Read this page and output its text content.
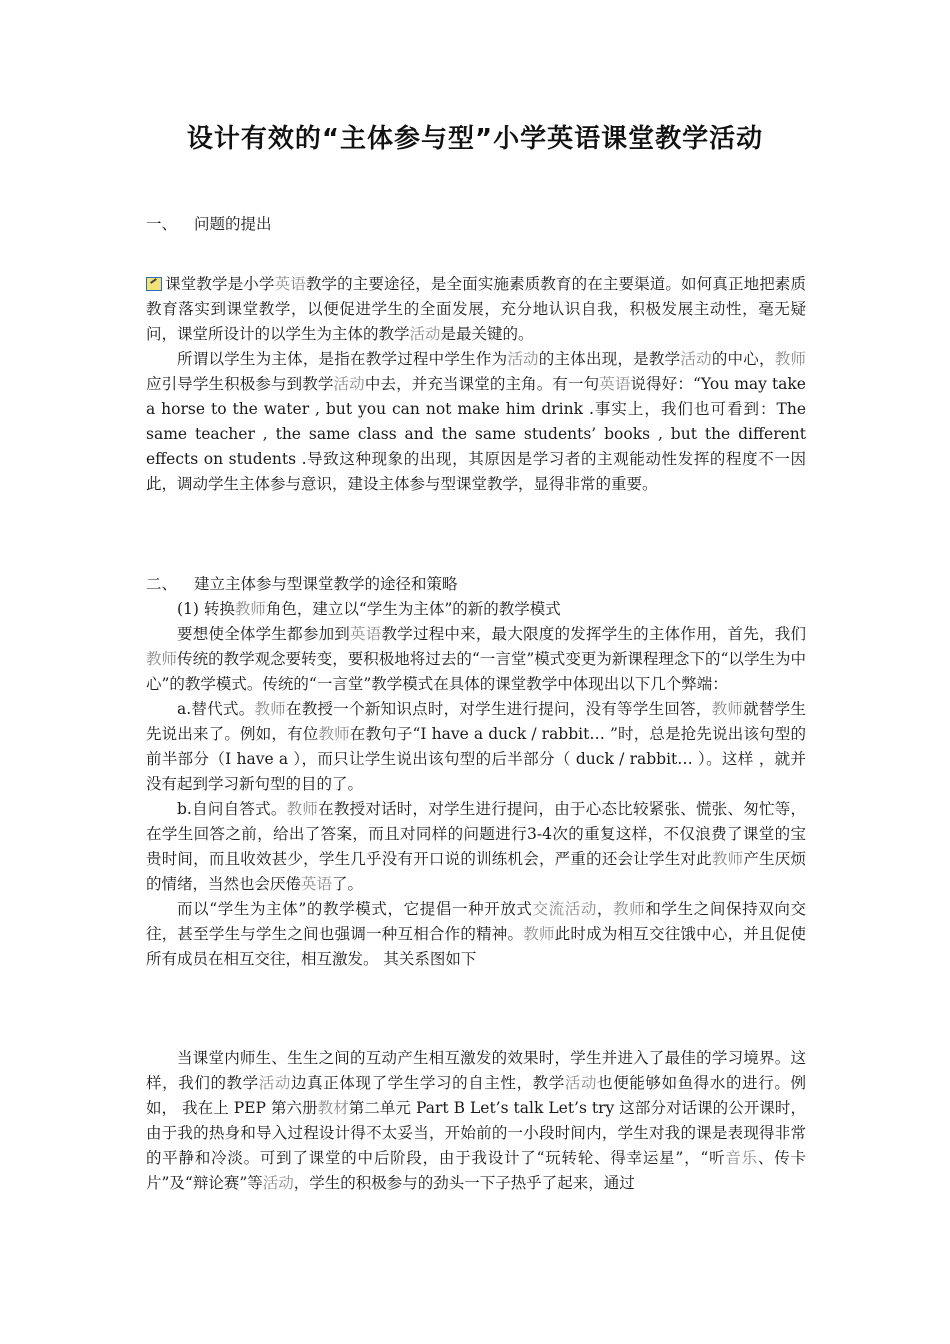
设计有效的“主体参与型”小学英语课堂教学活动
一、 问题的提出

课堂教学是小学英语教学的主要途径，是全面实施素质教育的在主要渠道。如何真正地把素质教育落实到课堂教学，以便促进学生的全面发展，充分地认识自我，积极发展主动性，毫无疑问，课堂所设计的以学生为主体的教学活动是最关键的。

所谓以学生为主体，是指在教学过程中学生作为活动的主体出现，是教学活动的中心，教师应引导学生积极参与到教学活动中去，并充当课堂的主角。有一句英语说得好：“You may take a horse to the water , but you can not make him drink .事实上，我们也可看到：The same teacher , the same class and the same students’ books , but the different effects on students .导致这种现象的出现，其原因是学习者的主观能动性发挥的程度不一因此，调动学生主体参与意识，建设主体参与型课堂教学，显得非常的重要。

二、 建立主体参与型课堂教学的途径和策略

(1) 转换教师角色，建立以“学生为主体”的新的教学模式

要想使全体学生都参加到英语教学过程中来，最大限度的发挥学生的主体作用，首先，我们教师传统的教学观念要转变，要积极地将过去的“一言堂”模式变更为新课程理念下的“以学生为中心”的教学模式。传统的“一言堂”教学模式在具体的课堂教学中体现出以下几个弊端：

a.替代式。教师在教授一个新知识点时，对学生进行提问，没有等学生回答，教师就替学生先说出来了。例如，有位教师在教句子“I have a duck / rabbit… ”时，总是抢先说出该句型的前半部分（I have a ），而只让学生说出该句型的后半部分（ duck / rabbit… ）。这样 ，就并没有起到学习新句型的目的了。

b.自问自答式。教师在教授对话时，对学生进行提问，由于心态比较紧张、慌张、匆忙等，在学生回答之前，给出了答案，而且对同样的问题进行3-4次的重复这样，不仅浪费了课堂的宝贵时间，而且收效甚少，学生几乎没有开口说的训练机会，严重的还会让学生对此教师产生厌烦的情绪，当然也会厌倦英语了。

而以“学生为主体”的教学模式，它提倡一种开放式交流活动，教师和学生之间保持双向交往，甚至学生与学生之间也强调一种互相合作的精神。教师此时成为相互交往饿中心，并且促使所有成员在相互交往，相互激发。 其关系图如下

当课堂内师生、生生之间的互动产生相互激发的效果时，学生并进入了最佳的学习境界。这样，我们的教学活动边真正体现了学生学习的自主性，教学活动也便能够如鱼得水的进行。例如， 我在上 PEP 第六册教材第二单元 Part B Let’s talk Let’s try 这部分对话课的公开课时，由于我的热身和导入过程设计得不太妥当，开始前的一小段时间内，学生对我的课是表现得非常的平静和冷淡。可到了课堂的中后阶段，由于我设计了“玩转轮、得幸运星”，“听音乐、传卡片”及“辩论赛”等活动，学生的积极参与的劲头一下子热乎了起来，通过
